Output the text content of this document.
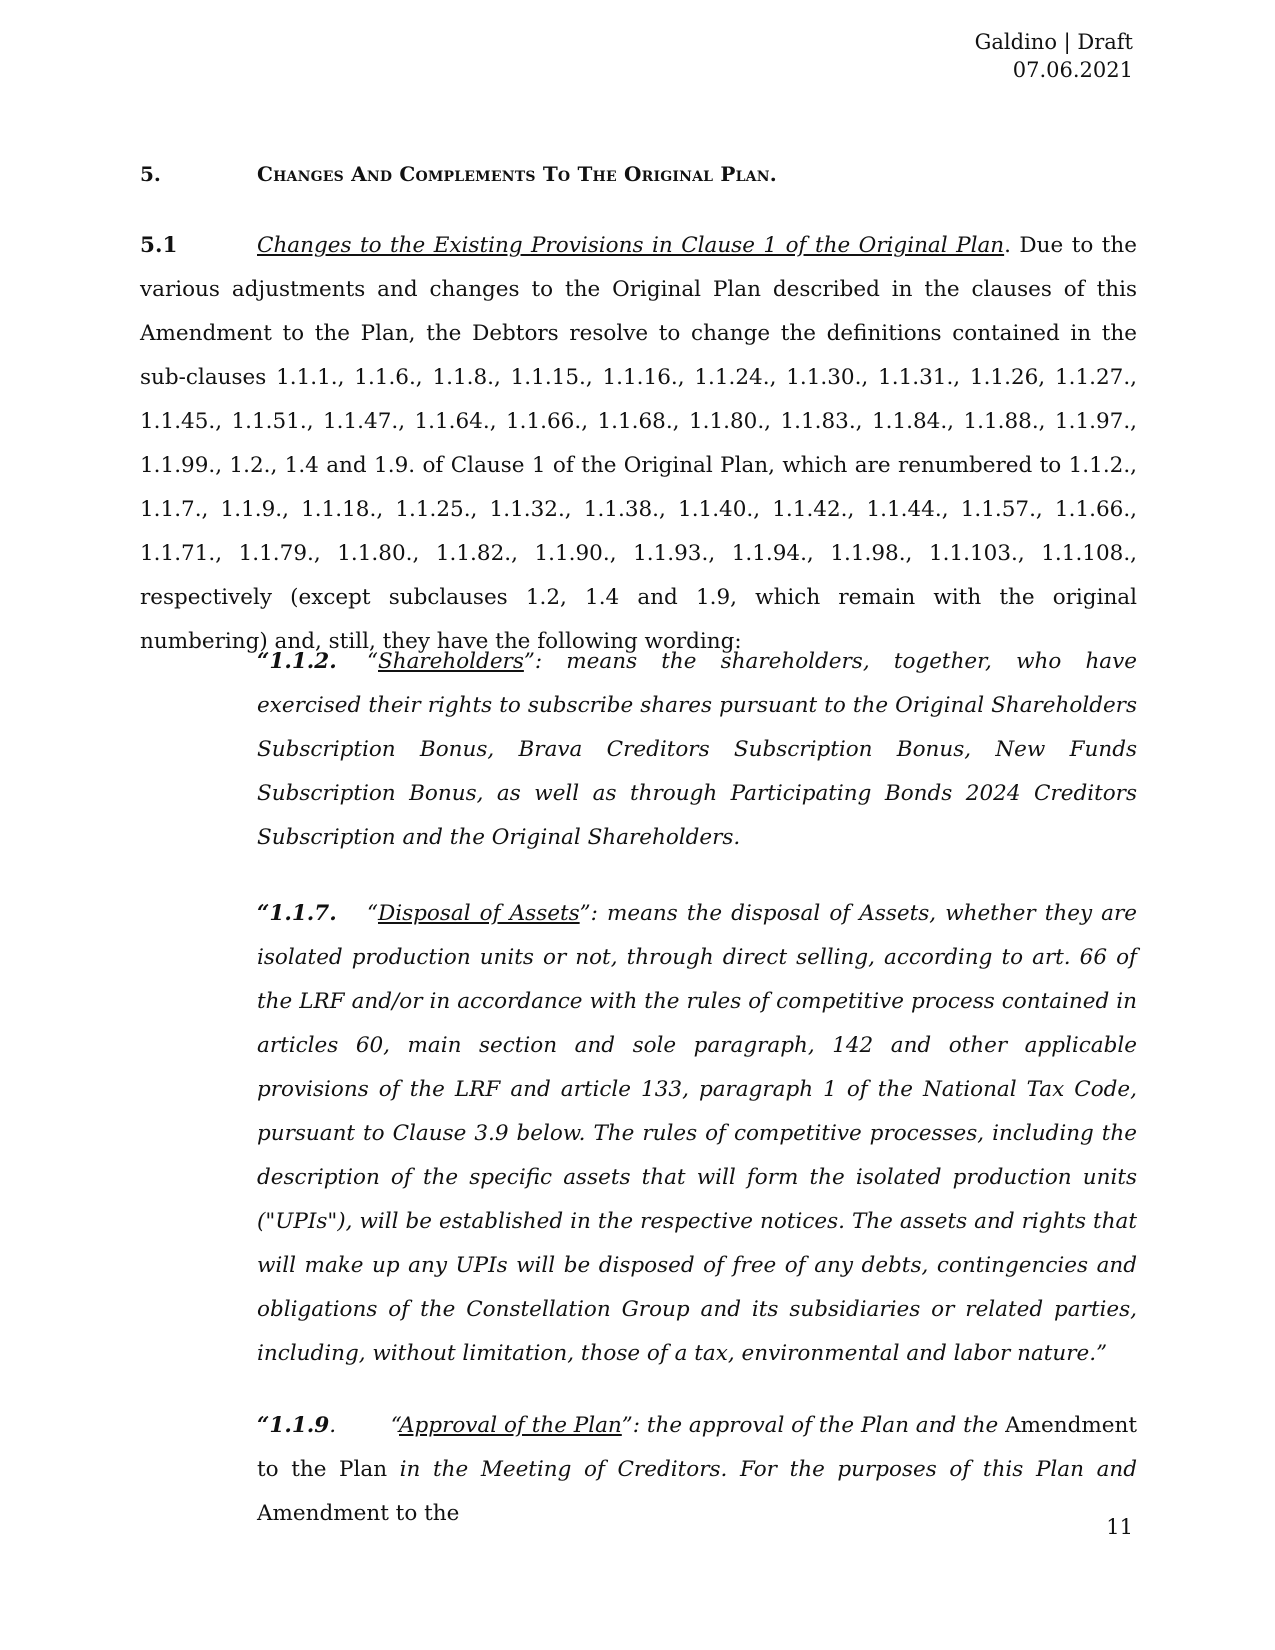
Galdino | Draft
07.06.2021
5.	Changes And Complements To The Original Plan.
5.1	Changes to the Existing Provisions in Clause 1 of the Original Plan. Due to the various adjustments and changes to the Original Plan described in the clauses of this Amendment to the Plan, the Debtors resolve to change the definitions contained in the sub-clauses 1.1.1., 1.1.6., 1.1.8., 1.1.15., 1.1.16., 1.1.24., 1.1.30., 1.1.31., 1.1.26, 1.1.27., 1.1.45., 1.1.51., 1.1.47., 1.1.64., 1.1.66., 1.1.68., 1.1.80., 1.1.83., 1.1.84., 1.1.88., 1.1.97., 1.1.99., 1.2., 1.4 and 1.9. of Clause 1 of the Original Plan, which are renumbered to 1.1.2., 1.1.7., 1.1.9., 1.1.18., 1.1.25., 1.1.32., 1.1.38., 1.1.40., 1.1.42., 1.1.44., 1.1.57., 1.1.66., 1.1.71., 1.1.79., 1.1.80., 1.1.82., 1.1.90., 1.1.93., 1.1.94., 1.1.98., 1.1.103., 1.1.108., respectively (except subclauses 1.2, 1.4 and 1.9, which remain with the original numbering) and, still, they have the following wording:
“1.1.2. “Shareholders”: means the shareholders, together, who have exercised their rights to subscribe shares pursuant to the Original Shareholders Subscription Bonus, Brava Creditors Subscription Bonus, New Funds Subscription Bonus, as well as through Participating Bonds 2024 Creditors Subscription and the Original Shareholders.
“1.1.7. “Disposal of Assets”: means the disposal of Assets, whether they are isolated production units or not, through direct selling, according to art. 66 of the LRF and/or in accordance with the rules of competitive process contained in articles 60, main section and sole paragraph, 142 and other applicable provisions of the LRF and article 133, paragraph 1 of the National Tax Code, pursuant to Clause 3.9 below. The rules of competitive processes, including the description of the specific assets that will form the isolated production units ("UPIs"), will be established in the respective notices. The assets and rights that will make up any UPIs will be disposed of free of any debts, contingencies and obligations of the Constellation Group and its subsidiaries or related parties, including, without limitation, those of a tax, environmental and labor nature.”
“1.1.9.        “Approval of the Plan”: the approval of the Plan and the Amendment to the Plan in the Meeting of Creditors. For the purposes of this Plan and Amendment to the
11
